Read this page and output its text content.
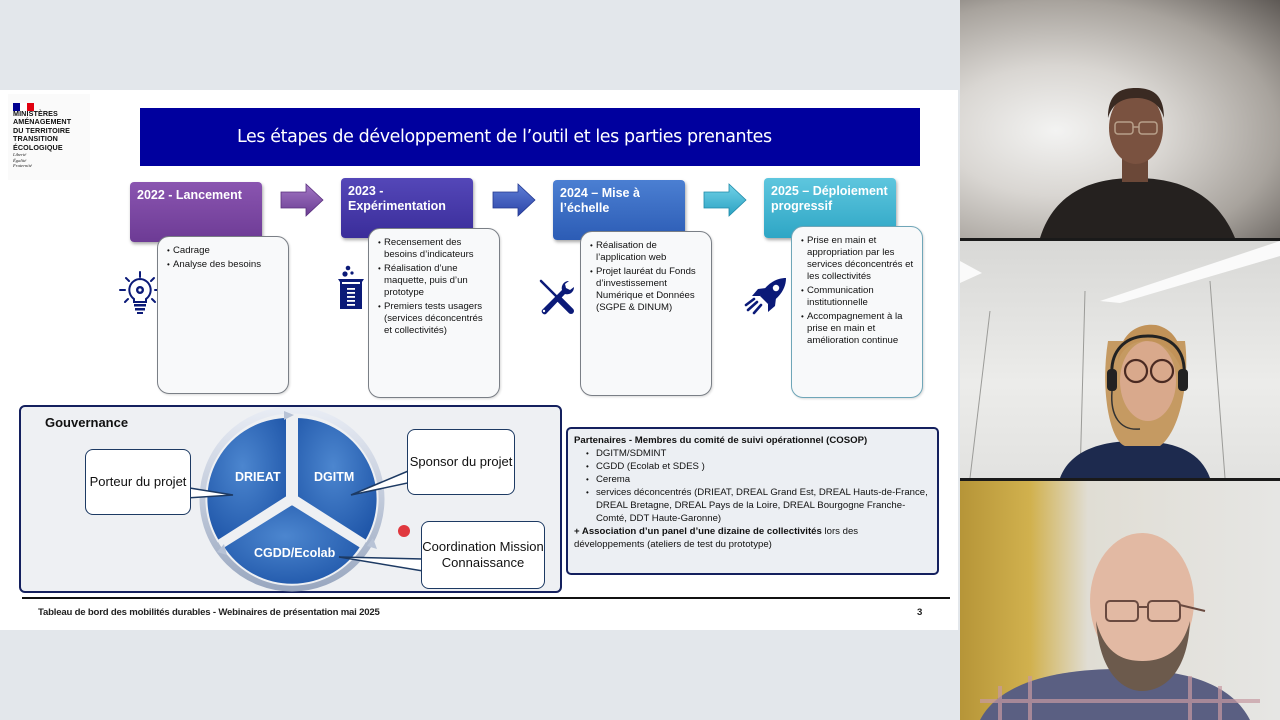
MINISTÈRES
AMÉNAGEMENT
DU TERRITOIRE
TRANSITION
ÉCOLOGIQUE
Liberté
Égalité
Fraternité
Les étapes de développement de l’outil et les parties prenantes
2022 - Lancement	2023 - Expérimentation
2024 – Mise à l’échelle
2025 – Déploiement progressif
• Cadrage
• Analyse des besoins
• Recensement des besoins d’indicateurs
• Réalisation d’une maquette, puis d’un prototype
• Premiers tests usagers (services déconcentrés et collectivités)
• Réalisation de l’application web
• Projet lauréat du Fonds d’investissement Numérique et Données (SGPE & DINUM)
• Prise en main et appropriation par les services déconcentrés et les collectivités
• Communication institutionnelle
• Accompagnement à la prise en main et amélioration continue
Gouvernance
DRIEAT	DGITM
CGDD/Ecolab
Porteur du projet
Sponsor du projet
Coordination Mission Connaissance
Partenaires - Membres du comité de suivi opérationnel (COSOP)
• DGITM/SDMINT
• CGDD (Ecolab et SDES )
• Cerema
• services déconcentrés (DRIEAT, DREAL Grand Est, DREAL Hauts-de-France, DREAL Bretagne, DREAL Pays de la Loire, DREAL Bourgogne Franche-Comté, DDT Haute-Garonne)
+ Association d’un panel d’une dizaine de collectivités lors des développements (ateliers de test du prototype)
Tableau de bord des mobilités durables - Webinaires de présentation mai 2025	3
